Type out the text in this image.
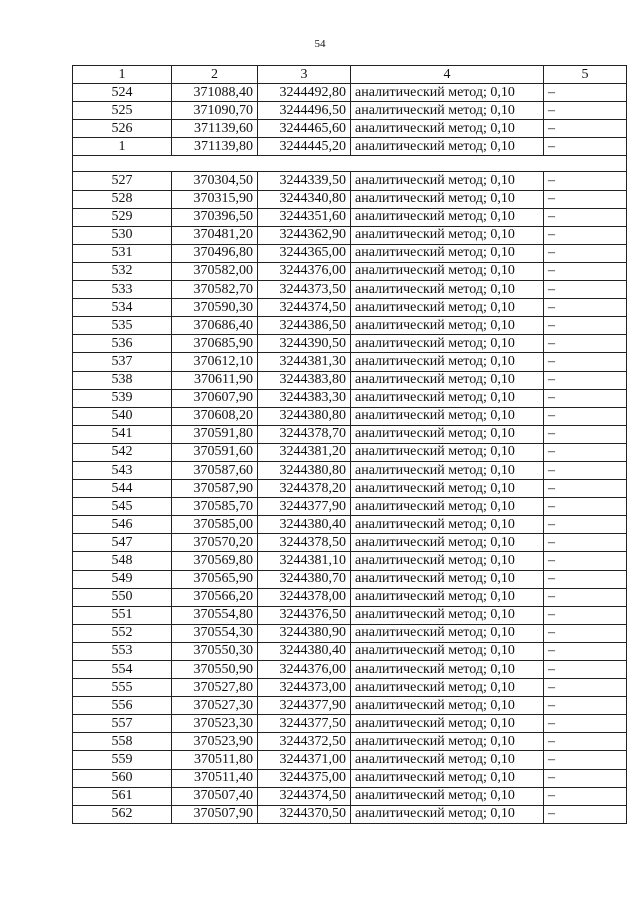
54
1	2	3	4	5
524	371088,40	3244492,80	аналитический метод; 0,10	–
525	371090,70	3244496,50	аналитический метод; 0,10	–
526	371139,60	3244465,60	аналитический метод; 0,10	–
1	371139,80	3244445,20	аналитический метод; 0,10	–

527	370304,50	3244339,50	аналитический метод; 0,10	–
528	370315,90	3244340,80	аналитический метод; 0,10	–
529	370396,50	3244351,60	аналитический метод; 0,10	–
530	370481,20	3244362,90	аналитический метод; 0,10	–
531	370496,80	3244365,00	аналитический метод; 0,10	–
532	370582,00	3244376,00	аналитический метод; 0,10	–
533	370582,70	3244373,50	аналитический метод; 0,10	–
534	370590,30	3244374,50	аналитический метод; 0,10	–
535	370686,40	3244386,50	аналитический метод; 0,10	–
536	370685,90	3244390,50	аналитический метод; 0,10	–
537	370612,10	3244381,30	аналитический метод; 0,10	–
538	370611,90	3244383,80	аналитический метод; 0,10	–
539	370607,90	3244383,30	аналитический метод; 0,10	–
540	370608,20	3244380,80	аналитический метод; 0,10	–
541	370591,80	3244378,70	аналитический метод; 0,10	–
542	370591,60	3244381,20	аналитический метод; 0,10	–
543	370587,60	3244380,80	аналитический метод; 0,10	–
544	370587,90	3244378,20	аналитический метод; 0,10	–
545	370585,70	3244377,90	аналитический метод; 0,10	–
546	370585,00	3244380,40	аналитический метод; 0,10	–
547	370570,20	3244378,50	аналитический метод; 0,10	–
548	370569,80	3244381,10	аналитический метод; 0,10	–
549	370565,90	3244380,70	аналитический метод; 0,10	–
550	370566,20	3244378,00	аналитический метод; 0,10	–
551	370554,80	3244376,50	аналитический метод; 0,10	–
552	370554,30	3244380,90	аналитический метод; 0,10	–
553	370550,30	3244380,40	аналитический метод; 0,10	–
554	370550,90	3244376,00	аналитический метод; 0,10	–
555	370527,80	3244373,00	аналитический метод; 0,10	–
556	370527,30	3244377,90	аналитический метод; 0,10	–
557	370523,30	3244377,50	аналитический метод; 0,10	–
558	370523,90	3244372,50	аналитический метод; 0,10	–
559	370511,80	3244371,00	аналитический метод; 0,10	–
560	370511,40	3244375,00	аналитический метод; 0,10	–
561	370507,40	3244374,50	аналитический метод; 0,10	–
562	370507,90	3244370,50	аналитический метод; 0,10	–
